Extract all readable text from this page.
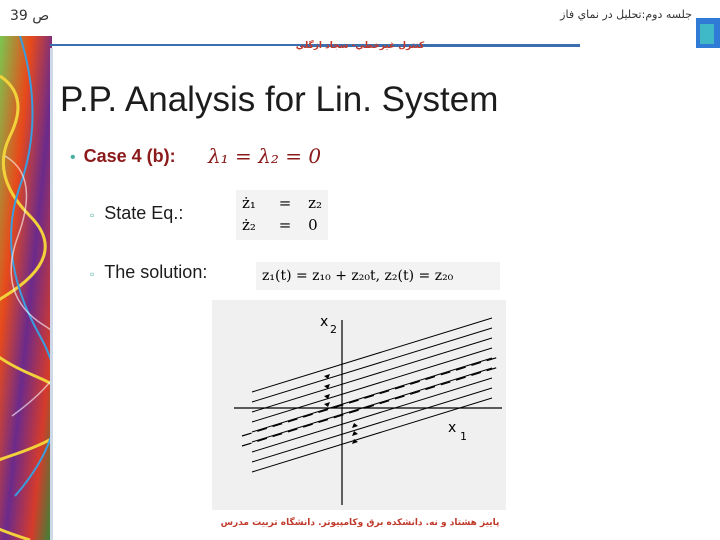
ص 39	جلسه دوم:تحليل در نماي فاز
كنترل غيرخطي- سجاد ازگلي
P.P. Analysis for Lin. System
• Case 4 (b): λ₁ = λ₂ = 0
▫ State Eq.:	ż₁ = z₂
ż₂ = 0
▫ The solution:	z₁(t) = z₁₀ + z₂₀t, z₂(t) = z₂₀
x 2
x
1
پاييز هشتاد و نه. دانشكده برق وكامپيوتر. دانشگاه تربيت مدرس
